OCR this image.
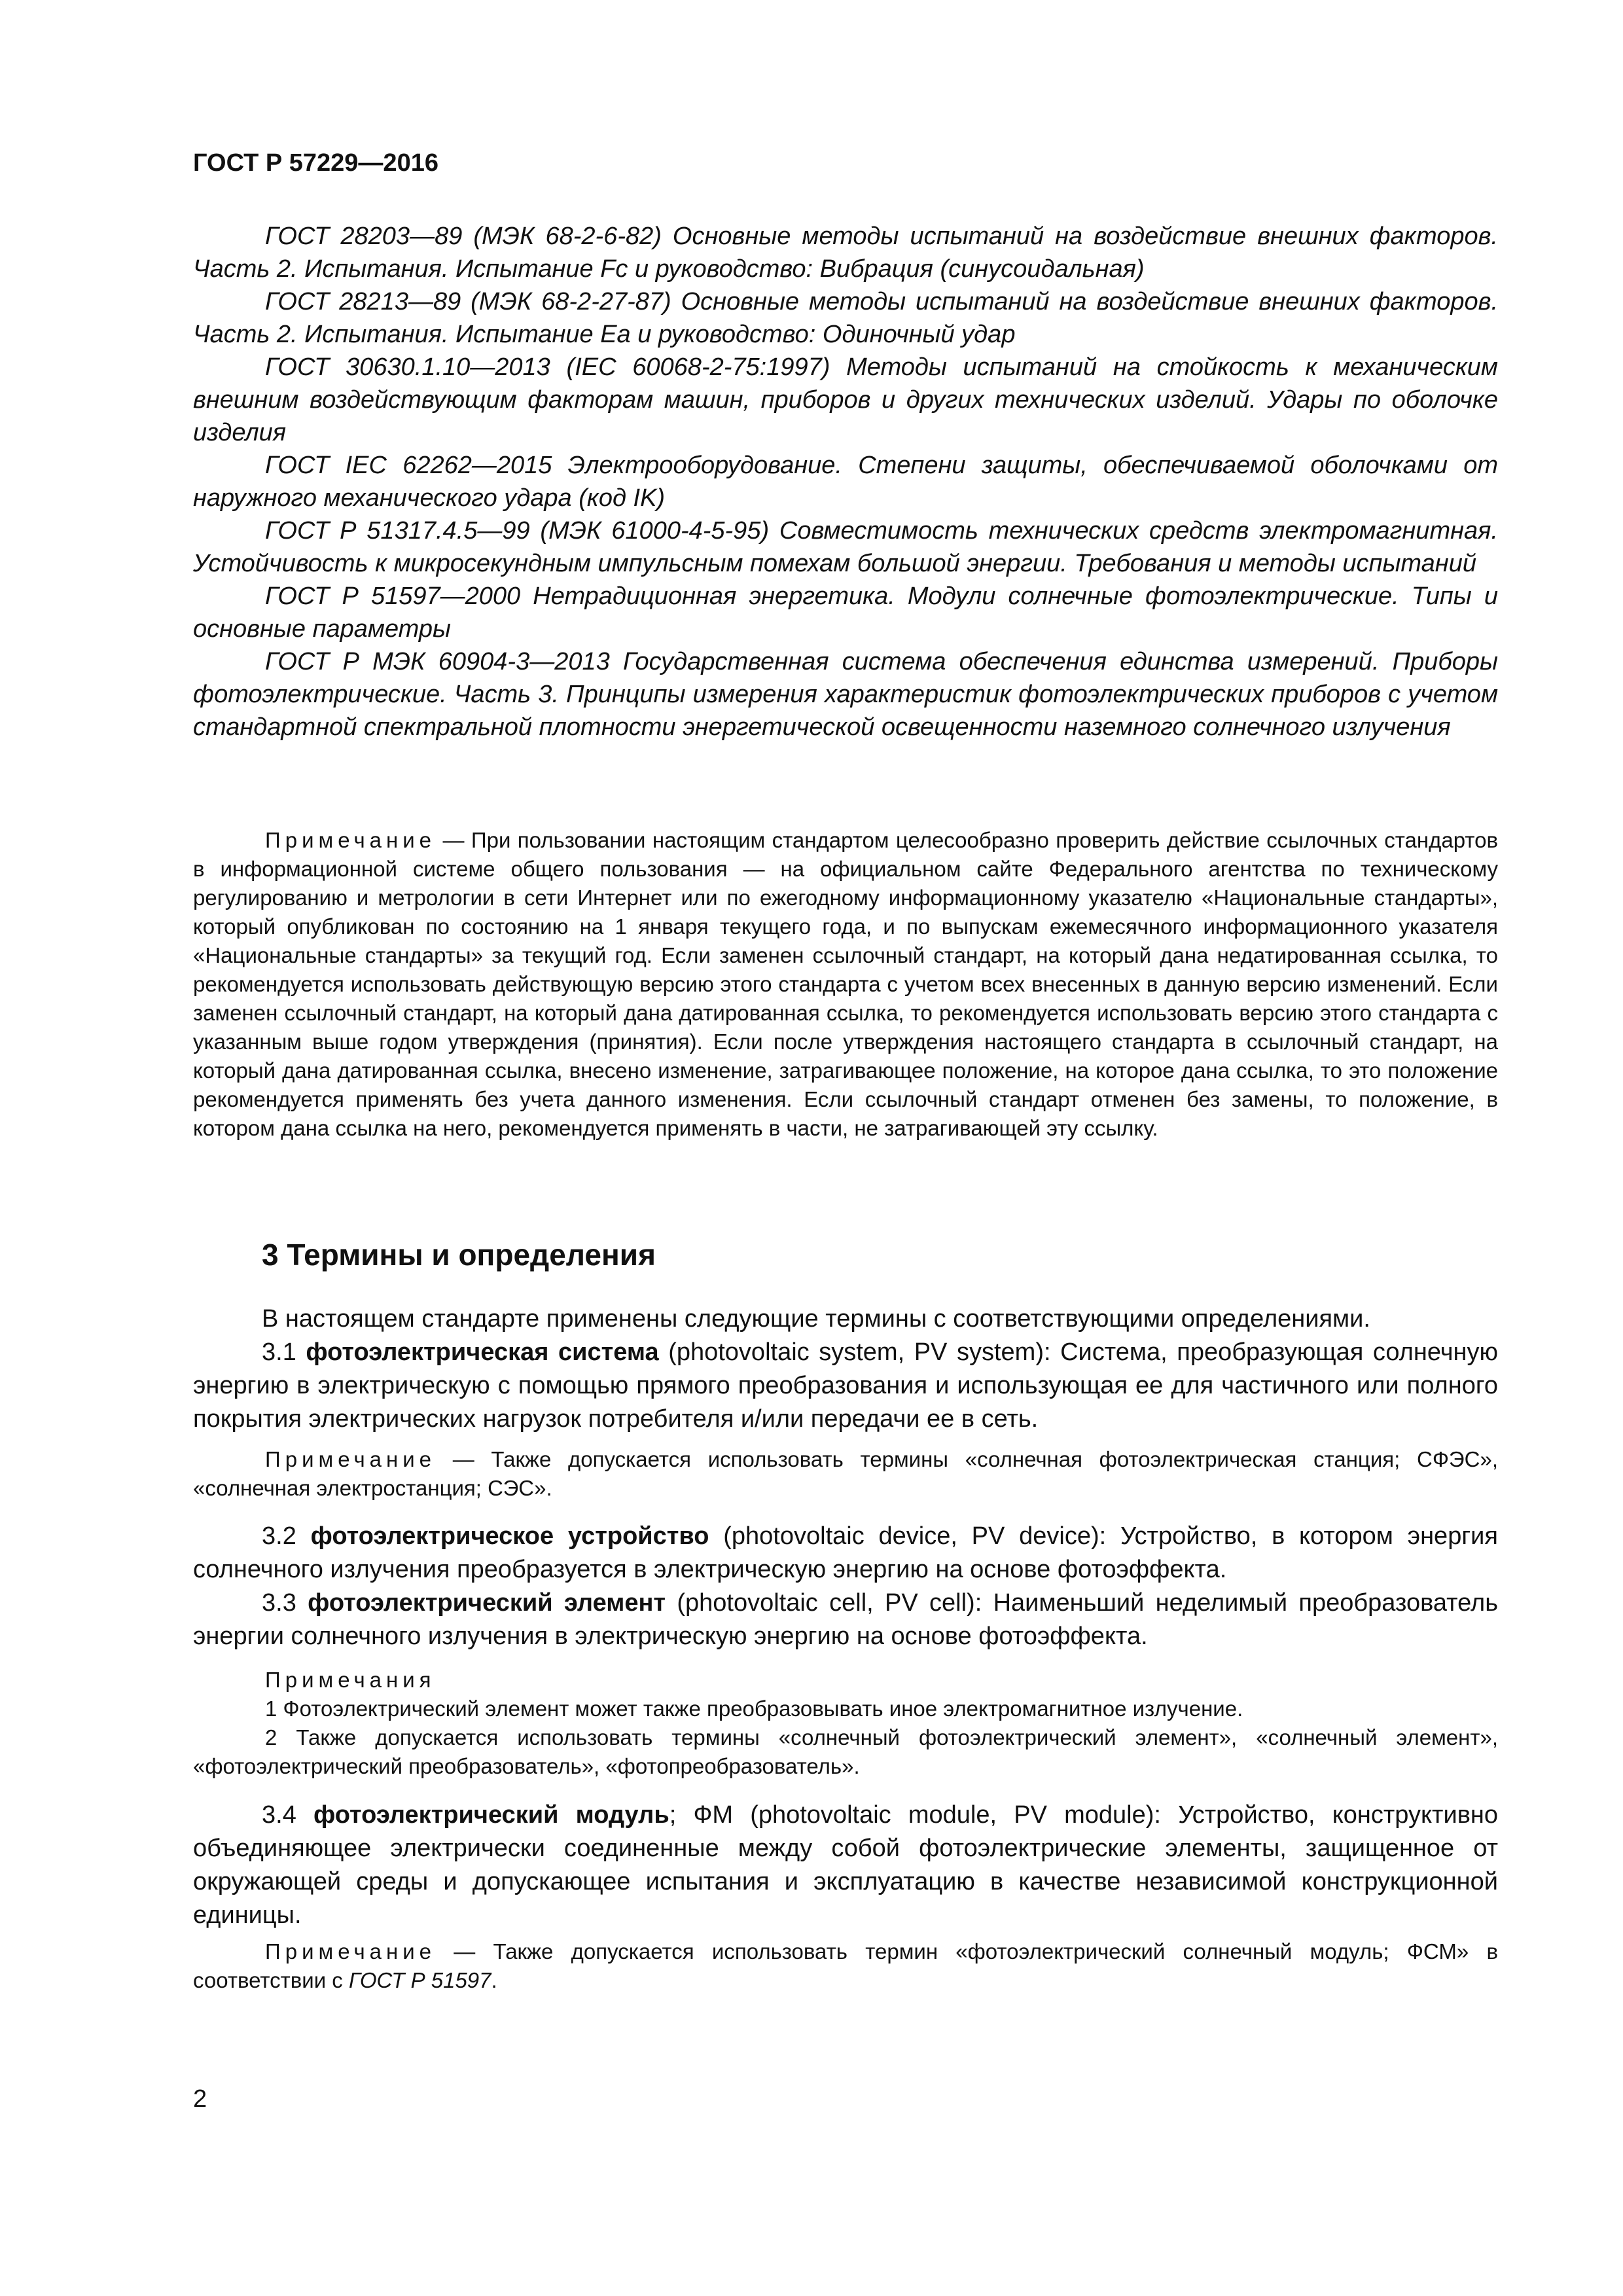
ГОСТ Р 57229—2016

ГОСТ 28203—89 (МЭК 68-2-6-82) Основные методы испытаний на воздействие внешних факторов. Часть 2. Испытания. Испытание Fc и руководство: Вибрация (синусоидальная)

ГОСТ 28213—89 (МЭК 68-2-27-87) Основные методы испытаний на воздействие внешних факторов. Часть 2. Испытания. Испытание Ea и руководство: Одиночный удар

ГОСТ 30630.1.10—2013 (IEC 60068-2-75:1997) Методы испытаний на стойкость к механическим внешним воздействующим факторам машин, приборов и других технических изделий. Удары по оболочке изделия

ГОСТ IEC 62262—2015 Электрооборудование. Степени защиты, обеспечиваемой оболочками от наружного механического удара (код IK)

ГОСТ Р 51317.4.5—99 (МЭК 61000-4-5-95) Совместимость технических средств электромагнитная. Устойчивость к микросекундным импульсным помехам большой энергии. Требования и методы испытаний

ГОСТ Р 51597—2000 Нетрадиционная энергетика. Модули солнечные фотоэлектрические. Типы и основные параметры

ГОСТ Р МЭК 60904-3—2013 Государственная система обеспечения единства измерений. Приборы фотоэлектрические. Часть 3. Принципы измерения характеристик фотоэлектрических приборов с учетом стандартной спектральной плотности энергетической освещенности наземного солнечного излучения

Примечание — При пользовании настоящим стандартом целесообразно проверить действие ссылочных стандартов в информационной системе общего пользования — на официальном сайте Федерального агентства по техническому регулированию и метрологии в сети Интернет или по ежегодному информационному указателю «Национальные стандарты», который опубликован по состоянию на 1 января текущего года, и по выпускам ежемесячного информационного указателя «Национальные стандарты» за текущий год. Если заменен ссылочный стандарт, на который дана недатированная ссылка, то рекомендуется использовать действующую версию этого стандарта с учетом всех внесенных в данную версию изменений. Если заменен ссылочный стандарт, на который дана датированная ссылка, то рекомендуется использовать версию этого стандарта с указанным выше годом утверждения (принятия). Если после утверждения настоящего стандарта в ссылочный стандарт, на который дана датированная ссылка, внесено изменение, затрагивающее положение, на которое дана ссылка, то это положение рекомендуется применять без учета данного изменения. Если ссылочный стандарт отменен без замены, то положение, в котором дана ссылка на него, рекомендуется применять в части, не затрагивающей эту ссылку.

3 Термины и определения

В настоящем стандарте применены следующие термины с соответствующими определениями.

3.1 фотоэлектрическая система (photovoltaic system, PV system): Система, преобразующая солнечную энергию в электрическую с помощью прямого преобразования и использующая ее для частичного или полного покрытия электрических нагрузок потребителя и/или передачи ее в сеть.

Примечание — Также допускается использовать термины «солнечная фотоэлектрическая станция; СФЭС», «солнечная электростанция; СЭС».

3.2 фотоэлектрическое устройство (photovoltaic device, PV device): Устройство, в котором энергия солнечного излучения преобразуется в электрическую энергию на основе фотоэффекта.

3.3 фотоэлектрический элемент (photovoltaic cell, PV cell): Наименьший неделимый преобразователь энергии солнечного излучения в электрическую энергию на основе фотоэффекта.

Примечания

1 Фотоэлектрический элемент может также преобразовывать иное электромагнитное излучение.

2 Также допускается использовать термины «солнечный фотоэлектрический элемент», «солнечный элемент», «фотоэлектрический преобразователь», «фотопреобразователь».

3.4 фотоэлектрический модуль; ФМ (photovoltaic module, PV module): Устройство, конструктивно объединяющее электрически соединенные между собой фотоэлектрические элементы, защищенное от окружающей среды и допускающее испытания и эксплуатацию в качестве независимой конструкционной единицы.

Примечание — Также допускается использовать термин «фотоэлектрический солнечный модуль; ФСМ» в соответствии с ГОСТ Р 51597.

2
